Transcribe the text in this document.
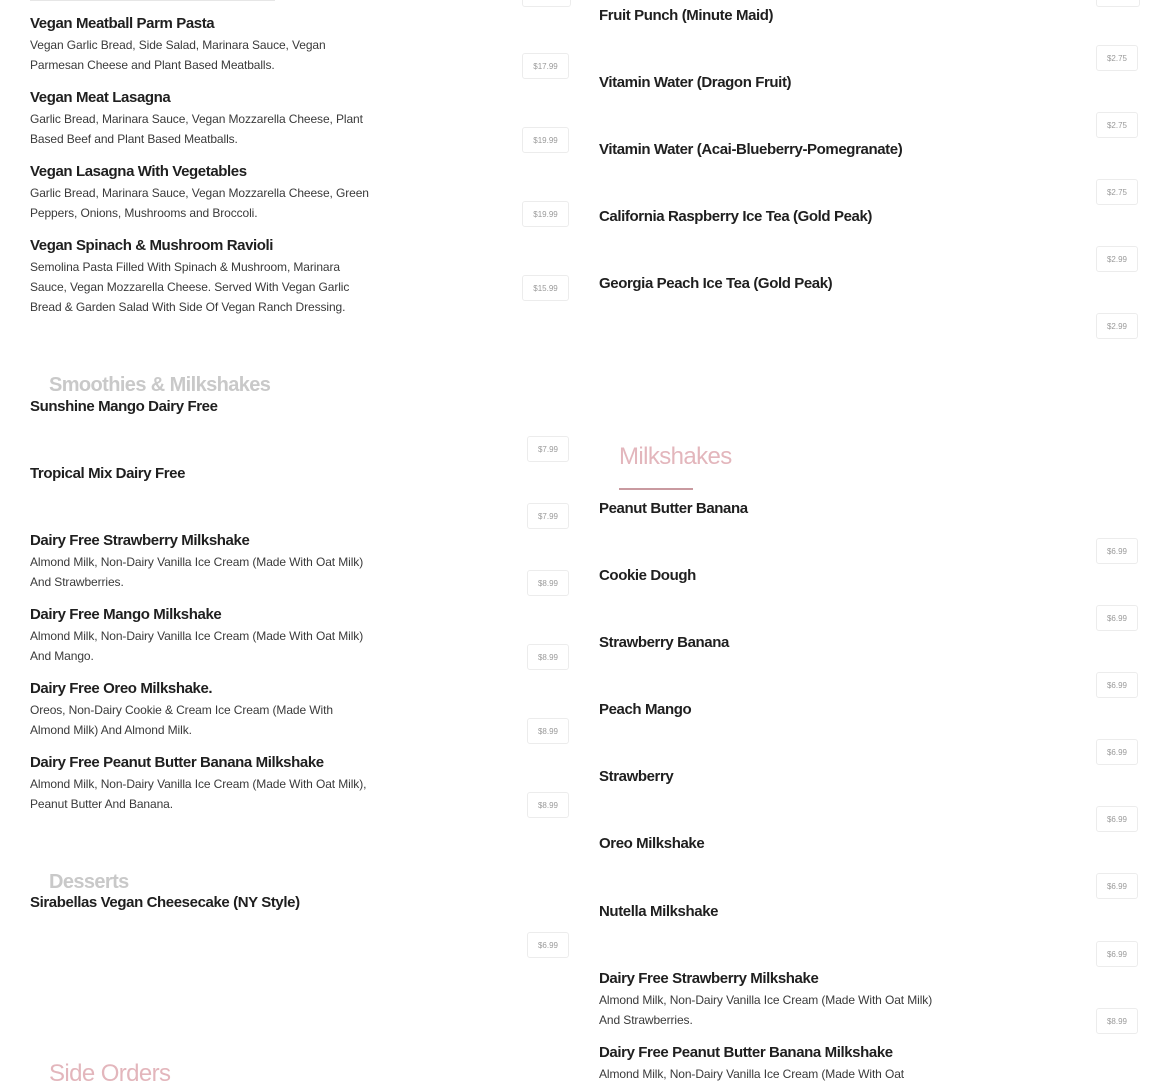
Vegan Meatball Parm Pasta
Vegan Garlic Bread, Side Salad, Marinara Sauce, Vegan Parmesan Cheese and Plant Based Meatballs.	$17.99
Vegan Meat Lasagna
Garlic Bread, Marinara Sauce, Vegan Mozzarella Cheese, Plant Based Beef and Plant Based Meatballs.	$19.99
Vegan Lasagna With Vegetables
Garlic Bread, Marinara Sauce, Vegan Mozzarella Cheese, Green Peppers, Onions, Mushrooms and Broccoli.	$19.99
Vegan Spinach & Mushroom Ravioli
Semolina Pasta Filled With Spinach & Mushroom, Marinara Sauce, Vegan Mozzarella Cheese. Served With Vegan Garlic Bread & Garden Salad With Side Of Vegan Ranch Dressing.
$15.99
Smoothies & Milkshakes
Sunshine Mango Dairy Free
$7.99
Tropical Mix Dairy Free
$7.99
Dairy Free Strawberry Milkshake
Almond Milk, Non-Dairy Vanilla Ice Cream (Made With Oat Milk) And Strawberries.	$8.99
Dairy Free Mango Milkshake
Almond Milk, Non-Dairy Vanilla Ice Cream (Made With Oat Milk) And Mango.	$8.99
Dairy Free Oreo Milkshake.
Oreos, Non-Dairy Cookie & Cream Ice Cream (Made With Almond Milk) And Almond Milk.	$8.99
Dairy Free Peanut Butter Banana Milkshake
Almond Milk, Non-Dairy Vanilla Ice Cream (Made With Oat Milk), Peanut Butter And Banana.	$8.99
Desserts
Sirabellas Vegan Cheesecake (NY Style)
$6.99
Side Orders
Fruit Punch (Minute Maid)
$2.75
Vitamin Water (Dragon Fruit)
$2.75
Vitamin Water (Acai-Blueberry-Pomegranate)
$2.75
California Raspberry Ice Tea (Gold Peak)
$2.99
Georgia Peach Ice Tea (Gold Peak)
$2.99
Milkshakes
Peanut Butter Banana
$6.99
Cookie Dough
$6.99
Strawberry Banana
$6.99
Peach Mango
$6.99
Strawberry
$6.99
Oreo Milkshake
$6.99
Nutella Milkshake
$6.99
Dairy Free Strawberry Milkshake
Almond Milk, Non-Dairy Vanilla Ice Cream (Made With Oat Milk) And Strawberries.	$8.99
Dairy Free Peanut Butter Banana Milkshake
Almond Milk, Non-Dairy Vanilla Ice Cream (Made With Oat
